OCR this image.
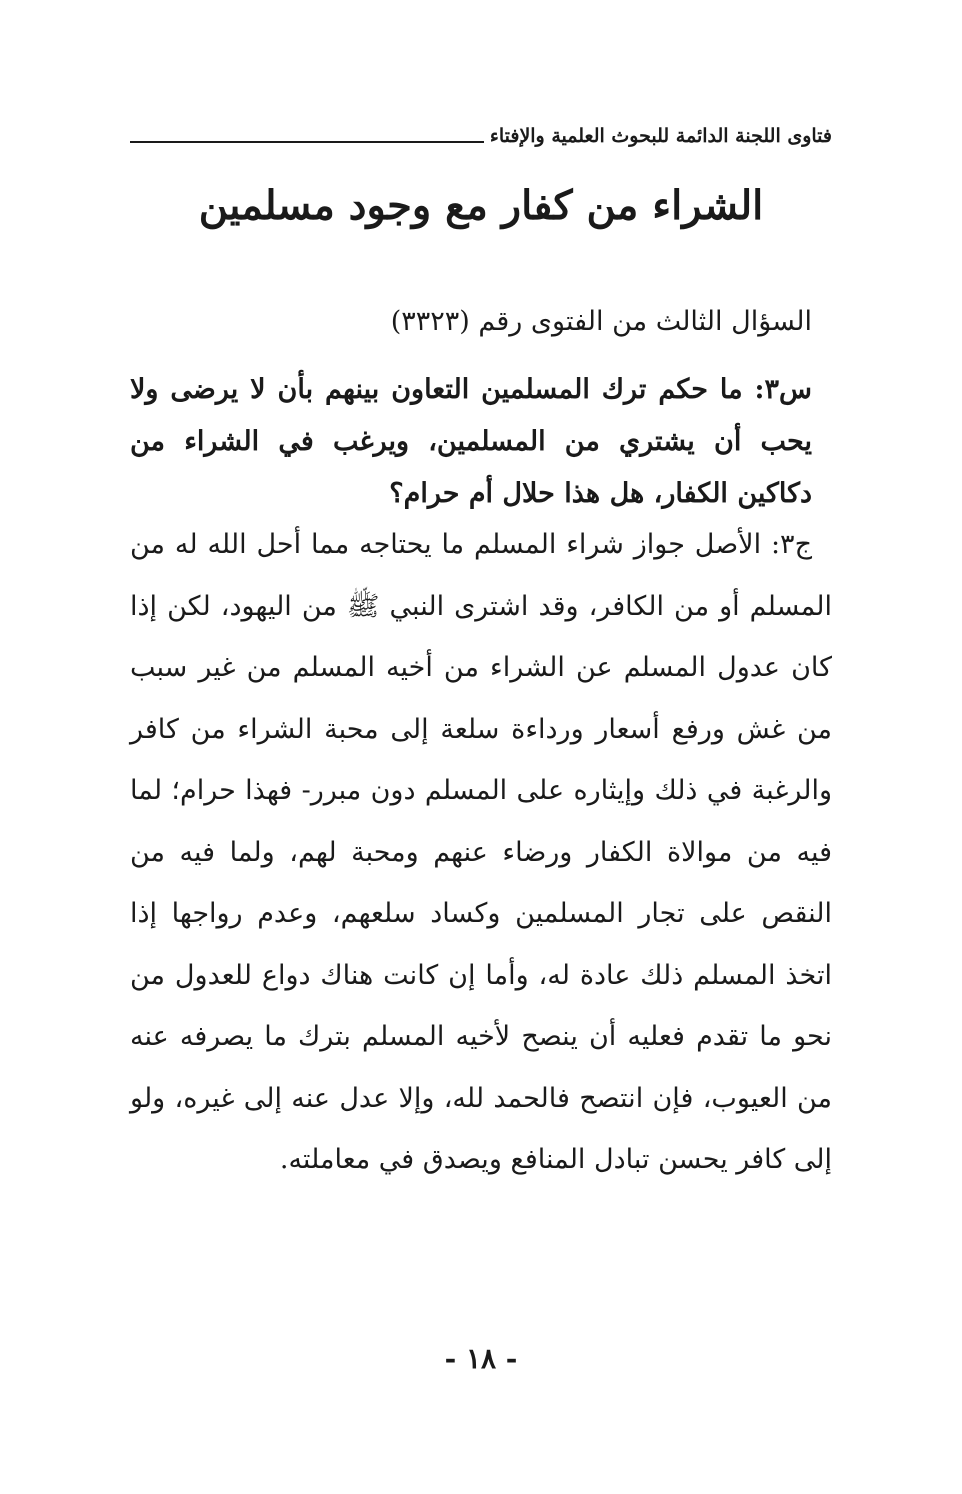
فتاوى اللجنة الدائمة للبحوث العلمية والإفتاء
الشراء من كفار مع وجود مسلمين
السؤال الثالث من الفتوى رقم (٣٣٢٣)
س٣: ما حكم ترك المسلمين التعاون بينهم بأن لا يرضى ولا يحب أن يشتري من المسلمين، ويرغب في الشراء من دكاكين الكفار، هل هذا حلال أم حرام؟
ج٣: الأصل جواز شراء المسلم ما يحتاجه مما أحل الله له من المسلم أو من الكافر، وقد اشترى النبي ﷺ من اليهود، لكن إذا كان عدول المسلم عن الشراء من أخيه المسلم من غير سبب من غش ورفع أسعار ورداءة سلعة إلى محبة الشراء من كافر والرغبة في ذلك وإيثاره على المسلم دون مبرر- فهذا حرام؛ لما فيه من موالاة الكفار ورضاء عنهم ومحبة لهم، ولما فيه من النقص على تجار المسلمين وكساد سلعهم، وعدم رواجها إذا اتخذ المسلم ذلك عادة له، وأما إن كانت هناك دواع للعدول من نحو ما تقدم فعليه أن ينصح لأخيه المسلم بترك ما يصرفه عنه من العيوب، فإن انتصح فالحمد لله، وإلا عدل عنه إلى غيره، ولو إلى كافر يحسن تبادل المنافع ويصدق في معاملته.
- ١٨ -
